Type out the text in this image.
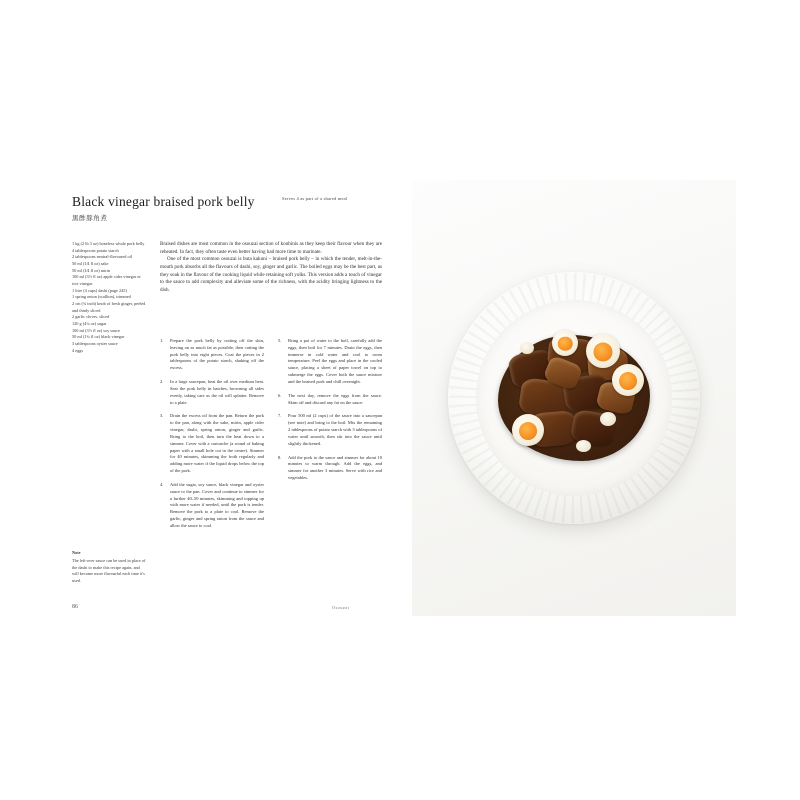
Black vinegar braised pork belly	Serves 4 as part of a shared meal
黒酢豚角煮
1 kg (2 lb 3 oz) boneless whole pork belly
4 tablespoons potato starch
2 tablespoons neutral-flavoured oil
50 ml (1⁄4 fl oz) sake
50 ml (1⁄4 fl oz) mirin
100 ml (3½ fl oz) apple cider vinegar or rice vinegar
1 litre (4 cups) dashi (page 245)
1 spring onion (scallion), trimmed
2 cm (¾ inch) knob of fresh ginger, peeled and thinly sliced
2 garlic cloves, sliced
120 g (4¼ oz) sugar
100 ml (3½ fl oz) soy sauce
50 ml (1¾ fl oz) black vinegar
3 tablespoons oyster sauce
4 eggs

Braised dishes are most common in the osouzai section of konbinis as they keep their flavour when they are reheated. In fact, they often taste even better having had more time to marinate.

One of the most common osouzai is buta kakuni – braised pork belly – in which the tender, melt-in-the-mouth pork absorbs all the flavours of dashi, soy, ginger and garlic. The boiled eggs may be the best part, as they soak in the flavour of the cooking liquid while retaining soft yolks. This version adds a touch of vinegar to the sauce to add complexity and alleviate some of the richness, with the acidity bringing lightness to the dish.

1.	Prepare the pork belly by cutting off the skin, leaving on as much fat as possible, then cutting the pork belly into eight pieces. Coat the pieces in 2 tablespoons of the potato starch, shaking off the excess.
2.	In a large saucepan, heat the oil over medium heat. Sear the pork belly in batches, browning all sides evenly, taking care as the oil will splatter. Remove to a plate.
3.	Drain the excess oil from the pan. Return the pork to the pan, along with the sake, mirin, apple cider vinegar, dashi, spring onion, ginger and garlic. Bring to the boil, then turn the heat down to a simmer. Cover with a cartouche (a round of baking paper with a small hole cut in the centre). Simmer for 40 minutes, skimming the froth regularly and adding more water if the liquid drops below the top of the pork.
4.	Add the sugar, soy sauce, black vinegar and oyster sauce to the pan. Cover and continue to simmer for a further 40–50 minutes, skimming and topping up with more water if needed, until the pork is tender. Remove the pork to a plate to cool. Remove the garlic, ginger and spring onion from the sauce and allow the sauce to cool.
5.	Bring a pot of water to the boil, carefully add the eggs, then boil for 7 minutes. Drain the eggs, then immerse in cold water and cool to room temperature. Peel the eggs and place in the cooled sauce, placing a sheet of paper towel on top to submerge the eggs. Cover both the sauce mixture and the braised pork and chill overnight.
6.	The next day, remove the eggs from the sauce. Skim off and discard any fat on the sauce.
7.	Pour 500 ml (2 cups) of the sauce into a saucepan (see note) and bring to the boil. Mix the remaining 2 tablespoons of potato starch with 3 tablespoons of water until smooth, then stir into the sauce until slightly thickened.
8.	Add the pork to the sauce and simmer for about 10 minutes to warm through. Add the eggs, and simmer for another 3 minutes. Serve with rice and vegetables.
Note
The left-over sauce can be used in place of the dashi to make this recipe again, and will become more flavourful each time it's used.
86	Osouzai
